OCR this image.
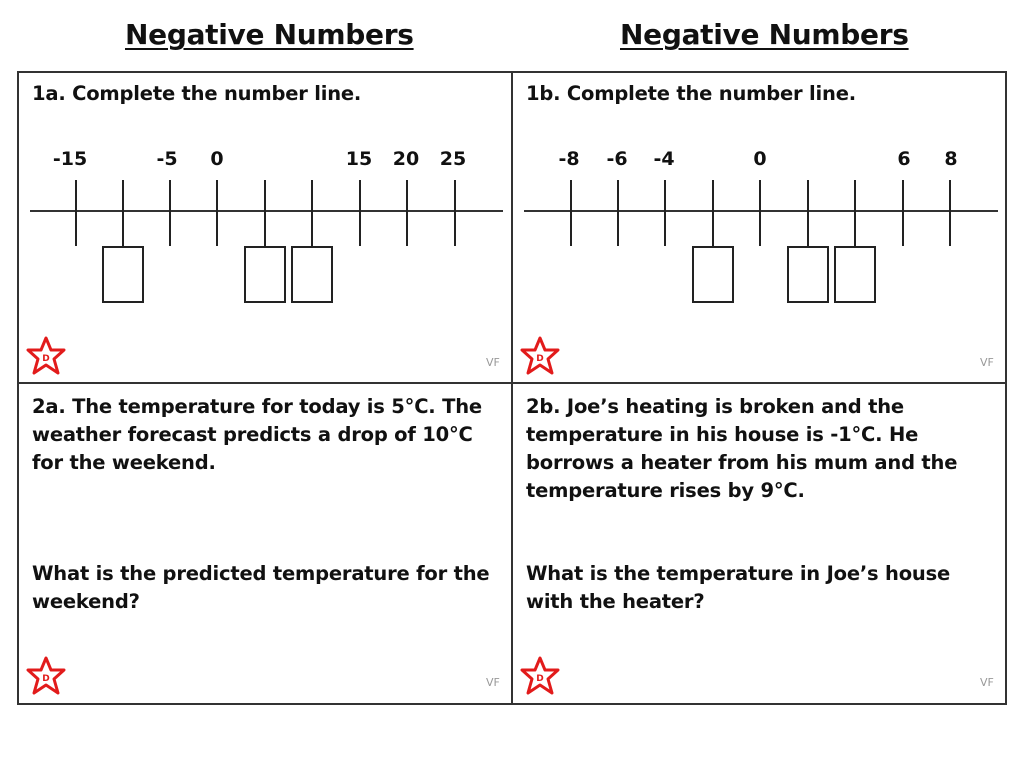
Negative Numbers	Negative Numbers
1a. Complete the number line.
-15	-5 0	15 20 25
1b. Complete the number line.
-8 -6 -4	0	6 8
2a. The temperature for today is 5°C. The
weather forecast predicts a drop of 10°C
for the weekend.
What is the predicted temperature for the
weekend?
2b. Joe’s heating is broken and the
temperature in his house is -1°C. He
borrows a heater from his mum and the
temperature rises by 9°C.
What is the temperature in Joe’s house
with the heater?
D	D
D	D
VF	VF
VF	VF
